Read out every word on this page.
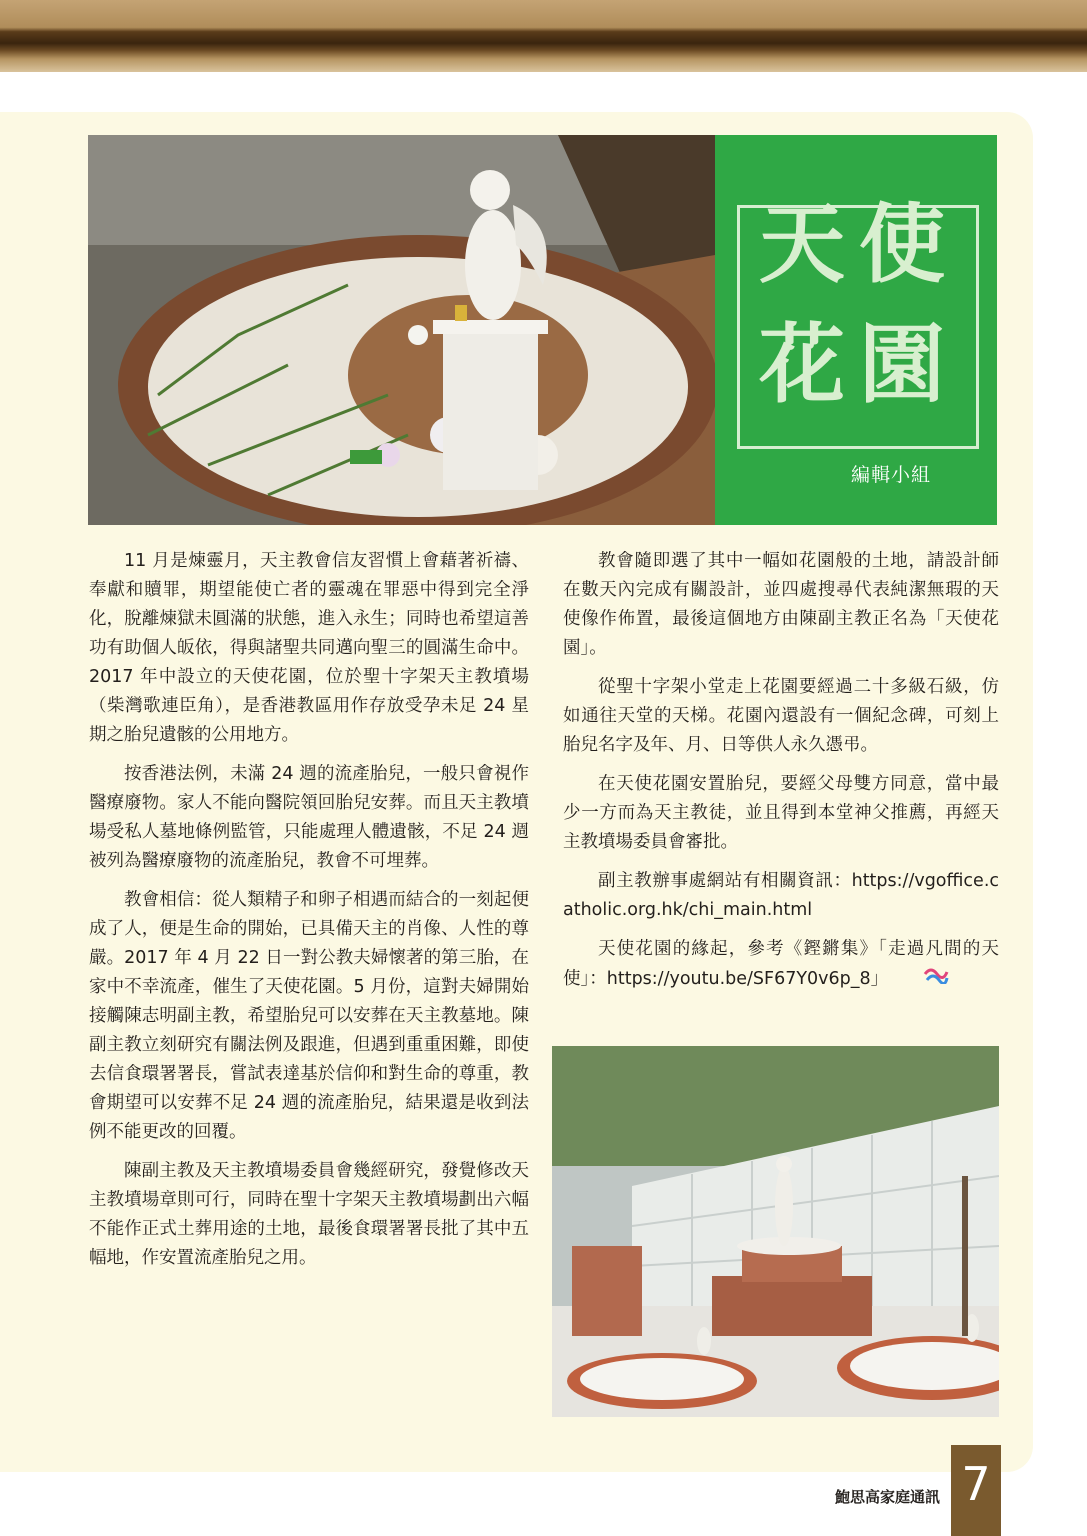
天使
花園
編輯小組

11 月是煉靈月，天主教會信友習慣上會藉著祈禱、奉獻和贖罪，期望能使亡者的靈魂在罪惡中得到完全淨化，脫離煉獄未圓滿的狀態，進入永生；同時也希望這善功有助個人皈依，得與諸聖共同邁向聖三的圓滿生命中。2017 年中設立的天使花園，位於聖十字架天主教墳場（柴灣歌連臣角），是香港教區用作存放受孕未足 24 星期之胎兒遺骸的公用地方。

按香港法例，未滿 24 週的流產胎兒，一般只會視作醫療廢物。家人不能向醫院領回胎兒安葬。而且天主教墳場受私人墓地條例監管，只能處理人體遺骸，不足 24 週被列為醫療廢物的流產胎兒，教會不可埋葬。

教會相信：從人類精子和卵子相遇而結合的一刻起便成了人，便是生命的開始，已具備天主的肖像、人性的尊嚴。2017 年 4 月 22 日一對公教夫婦懷著的第三胎，在家中不幸流產，催生了天使花園。5 月份，這對夫婦開始接觸陳志明副主教，希望胎兒可以安葬在天主教墓地。陳副主教立刻研究有關法例及跟進，但遇到重重困難，即使去信食環署署長，嘗試表達基於信仰和對生命的尊重，教會期望可以安葬不足 24 週的流產胎兒，結果還是收到法例不能更改的回覆。

陳副主教及天主教墳場委員會幾經研究，發覺修改天主教墳場章則可行，同時在聖十字架天主教墳場劃出六幅不能作正式土葬用途的土地，最後食環署署長批了其中五幅地，作安置流產胎兒之用。

教會隨即選了其中一幅如花園般的土地，請設計師在數天內完成有關設計，並四處搜尋代表純潔無瑕的天使像作佈置，最後這個地方由陳副主教正名為「天使花園」。

從聖十字架小堂走上花園要經過二十多級石級，仿如通往天堂的天梯。花園內還設有一個紀念碑，可刻上胎兒名字及年、月、日等供人永久憑弔。

在天使花園安置胎兒，要經父母雙方同意，當中最少一方而為天主教徒，並且得到本堂神父推薦，再經天主教墳場委員會審批。

副主教辦事處網站有相關資訊：https://vgoffice.catholic.org.hk/chi_main.html

天使花園的緣起，參考《鏗鏘集》「走過凡間的天使」：https://youtu.be/SF67Y0v6p_8」

鮑思高家庭通訊 7
